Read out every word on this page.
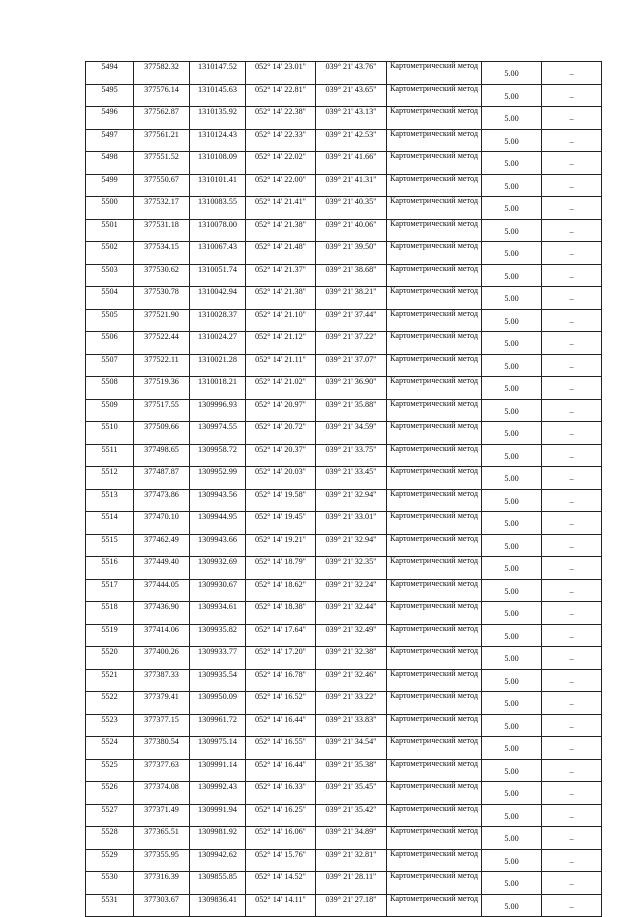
5494	377582.32	1310147.52	052° 14' 23.01"	039° 21' 43.76"	Картометрический метод	5.00	–
5495	377576.14	1310145.63	052° 14' 22.81"	039° 21' 43.65"	Картометрический метод	5.00	–
5496	377562.87	1310135.92	052° 14' 22.38"	039° 21' 43.13"	Картометрический метод	5.00	–
5497	377561.21	1310124.43	052° 14' 22.33"	039° 21' 42.53"	Картометрический метод	5.00	–
5498	377551.52	1310108.09	052° 14' 22.02"	039° 21' 41.66"	Картометрический метод	5.00	–
5499	377550.67	1310101.41	052° 14' 22.00"	039° 21' 41.31"	Картометрический метод	5.00	–
5500	377532.17	1310083.55	052° 14' 21.41"	039° 21' 40.35"	Картометрический метод	5.00	–
5501	377531.18	1310078.00	052° 14' 21.38"	039° 21' 40.06"	Картометрический метод	5.00	–
5502	377534.15	1310067.43	052° 14' 21.48"	039° 21' 39.50"	Картометрический метод	5.00	–
5503	377530.62	1310051.74	052° 14' 21.37"	039° 21' 38.68"	Картометрический метод	5.00	–
5504	377530.78	1310042.94	052° 14' 21.38"	039° 21' 38.21"	Картометрический метод	5.00	–
5505	377521.90	1310028.37	052° 14' 21.10"	039° 21' 37.44"	Картометрический метод	5.00	–
5506	377522.44	1310024.27	052° 14' 21.12"	039° 21' 37.22"	Картометрический метод	5.00	–
5507	377522.11	1310021.28	052° 14' 21.11"	039° 21' 37.07"	Картометрический метод	5.00	–
5508	377519.36	1310018.21	052° 14' 21.02"	039° 21' 36.90"	Картометрический метод	5.00	–
5509	377517.55	1309996.93	052° 14' 20.97"	039° 21' 35.88"	Картометрический метод	5.00	–
5510	377509.66	1309974.55	052° 14' 20.72"	039° 21' 34.59"	Картометрический метод	5.00	–
5511	377498.65	1309958.72	052° 14' 20.37"	039° 21' 33.75"	Картометрический метод	5.00	–
5512	377487.87	1309952.99	052° 14' 20.03"	039° 21' 33.45"	Картометрический метод	5.00	–
5513	377473.86	1309943.56	052° 14' 19.58"	039° 21' 32.94"	Картометрический метод	5.00	–
5514	377470.10	1309944.95	052° 14' 19.45"	039° 21' 33.01"	Картометрический метод	5.00	–
5515	377462.49	1309943.66	052° 14' 19.21"	039° 21' 32.94"	Картометрический метод	5.00	–
5516	377449.40	1309932.69	052° 14' 18.79"	039° 21' 32.35"	Картометрический метод	5.00	–
5517	377444.05	1309930.67	052° 14' 18.62"	039° 21' 32.24"	Картометрический метод	5.00	–
5518	377436.90	1309934.61	052° 14' 18.38"	039° 21' 32.44"	Картометрический метод	5.00	–
5519	377414.06	1309935.82	052° 14' 17.64"	039° 21' 32.49"	Картометрический метод	5.00	–
5520	377400.26	1309933.77	052° 14' 17.20"	039° 21' 32.38"	Картометрический метод	5.00	–
5521	377387.33	1309935.54	052° 14' 16.78"	039° 21' 32.46"	Картометрический метод	5.00	–
5522	377379.41	1309950.09	052° 14' 16.52"	039° 21' 33.22"	Картометрический метод	5.00	–
5523	377377.15	1309961.72	052° 14' 16.44"	039° 21' 33.83"	Картометрический метод	5.00	–
5524	377380.54	1309975.14	052° 14' 16.55"	039° 21' 34.54"	Картометрический метод	5.00	–
5525	377377.63	1309991.14	052° 14' 16.44"	039° 21' 35.38"	Картометрический метод	5.00	–
5526	377374.08	1309992.43	052° 14' 16.33"	039° 21' 35.45"	Картометрический метод	5.00	–
5527	377371.49	1309991.94	052° 14' 16.25"	039° 21' 35.42"	Картометрический метод	5.00	–
5528	377365.51	1309981.92	052° 14' 16.06"	039° 21' 34.89"	Картометрический метод	5.00	–
5529	377355.95	1309942.62	052° 14' 15.76"	039° 21' 32.81"	Картометрический метод	5.00	–
5530	377316.39	1309855.85	052° 14' 14.52"	039° 21' 28.11"	Картометрический метод	5.00	–
5531	377303.67	1309836.41	052° 14' 14.11"	039° 21' 27.18"	Картометрический метод	5.00	–
